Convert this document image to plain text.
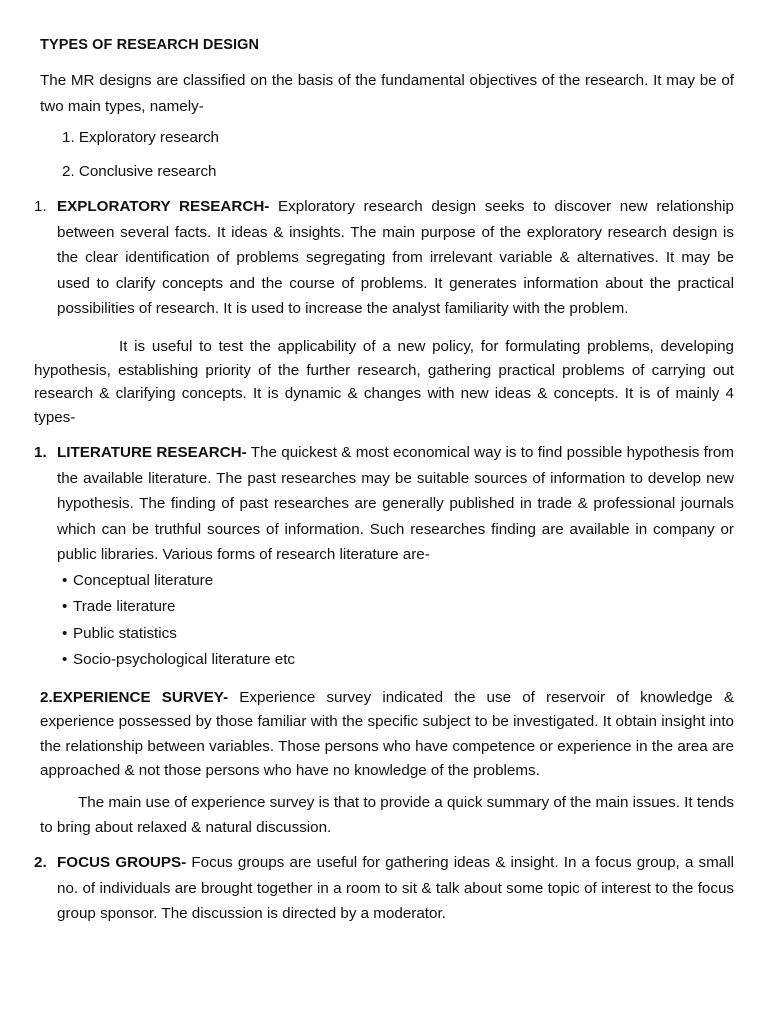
TYPES OF RESEARCH DESIGN

The MR designs are classified on the basis of the fundamental objectives of the research. It may be of two main types, namely-

1. Exploratory research
2. Conclusive research
1. EXPLORATORY RESEARCH- Exploratory research design seeks to discover new relationship between several facts. It ideas & insights. The main purpose of the exploratory research design is the clear identification of problems segregating from irrelevant variable & alternatives. It may be used to clarify concepts and the course of problems. It generates information about the practical possibilities of research. It is used to increase the analyst familiarity with the problem.

It is useful to test the applicability of a new policy, for formulating problems, developing hypothesis, establishing priority of the further research, gathering practical problems of carrying out research & clarifying concepts. It is dynamic & changes with new ideas & concepts. It is of mainly 4 types-

1. LITERATURE RESEARCH- The quickest & most economical way is to find possible hypothesis from the available literature. The past researches may be suitable sources of information to develop new hypothesis. The finding of past researches are generally published in trade & professional journals which can be truthful sources of information. Such researches finding are available in company or public libraries. Various forms of research literature are-

• Conceptual literature
• Trade literature
• Public statistics
• Socio-psychological literature etc

2.EXPERIENCE SURVEY- Experience survey indicated the use of reservoir of knowledge & experience possessed by those familiar with the specific subject to be investigated. It obtain insight into the relationship between variables. Those persons who have competence or experience in the area are approached & not those persons who have no knowledge of the problems.

The main use of experience survey is that to provide a quick summary of the main issues. It tends to bring about relaxed & natural discussion.

2. FOCUS GROUPS- Focus groups are useful for gathering ideas & insight. In a focus group, a small no. of individuals are brought together in a room to sit & talk about some topic of interest to the focus group sponsor. The discussion is directed by a moderator.
